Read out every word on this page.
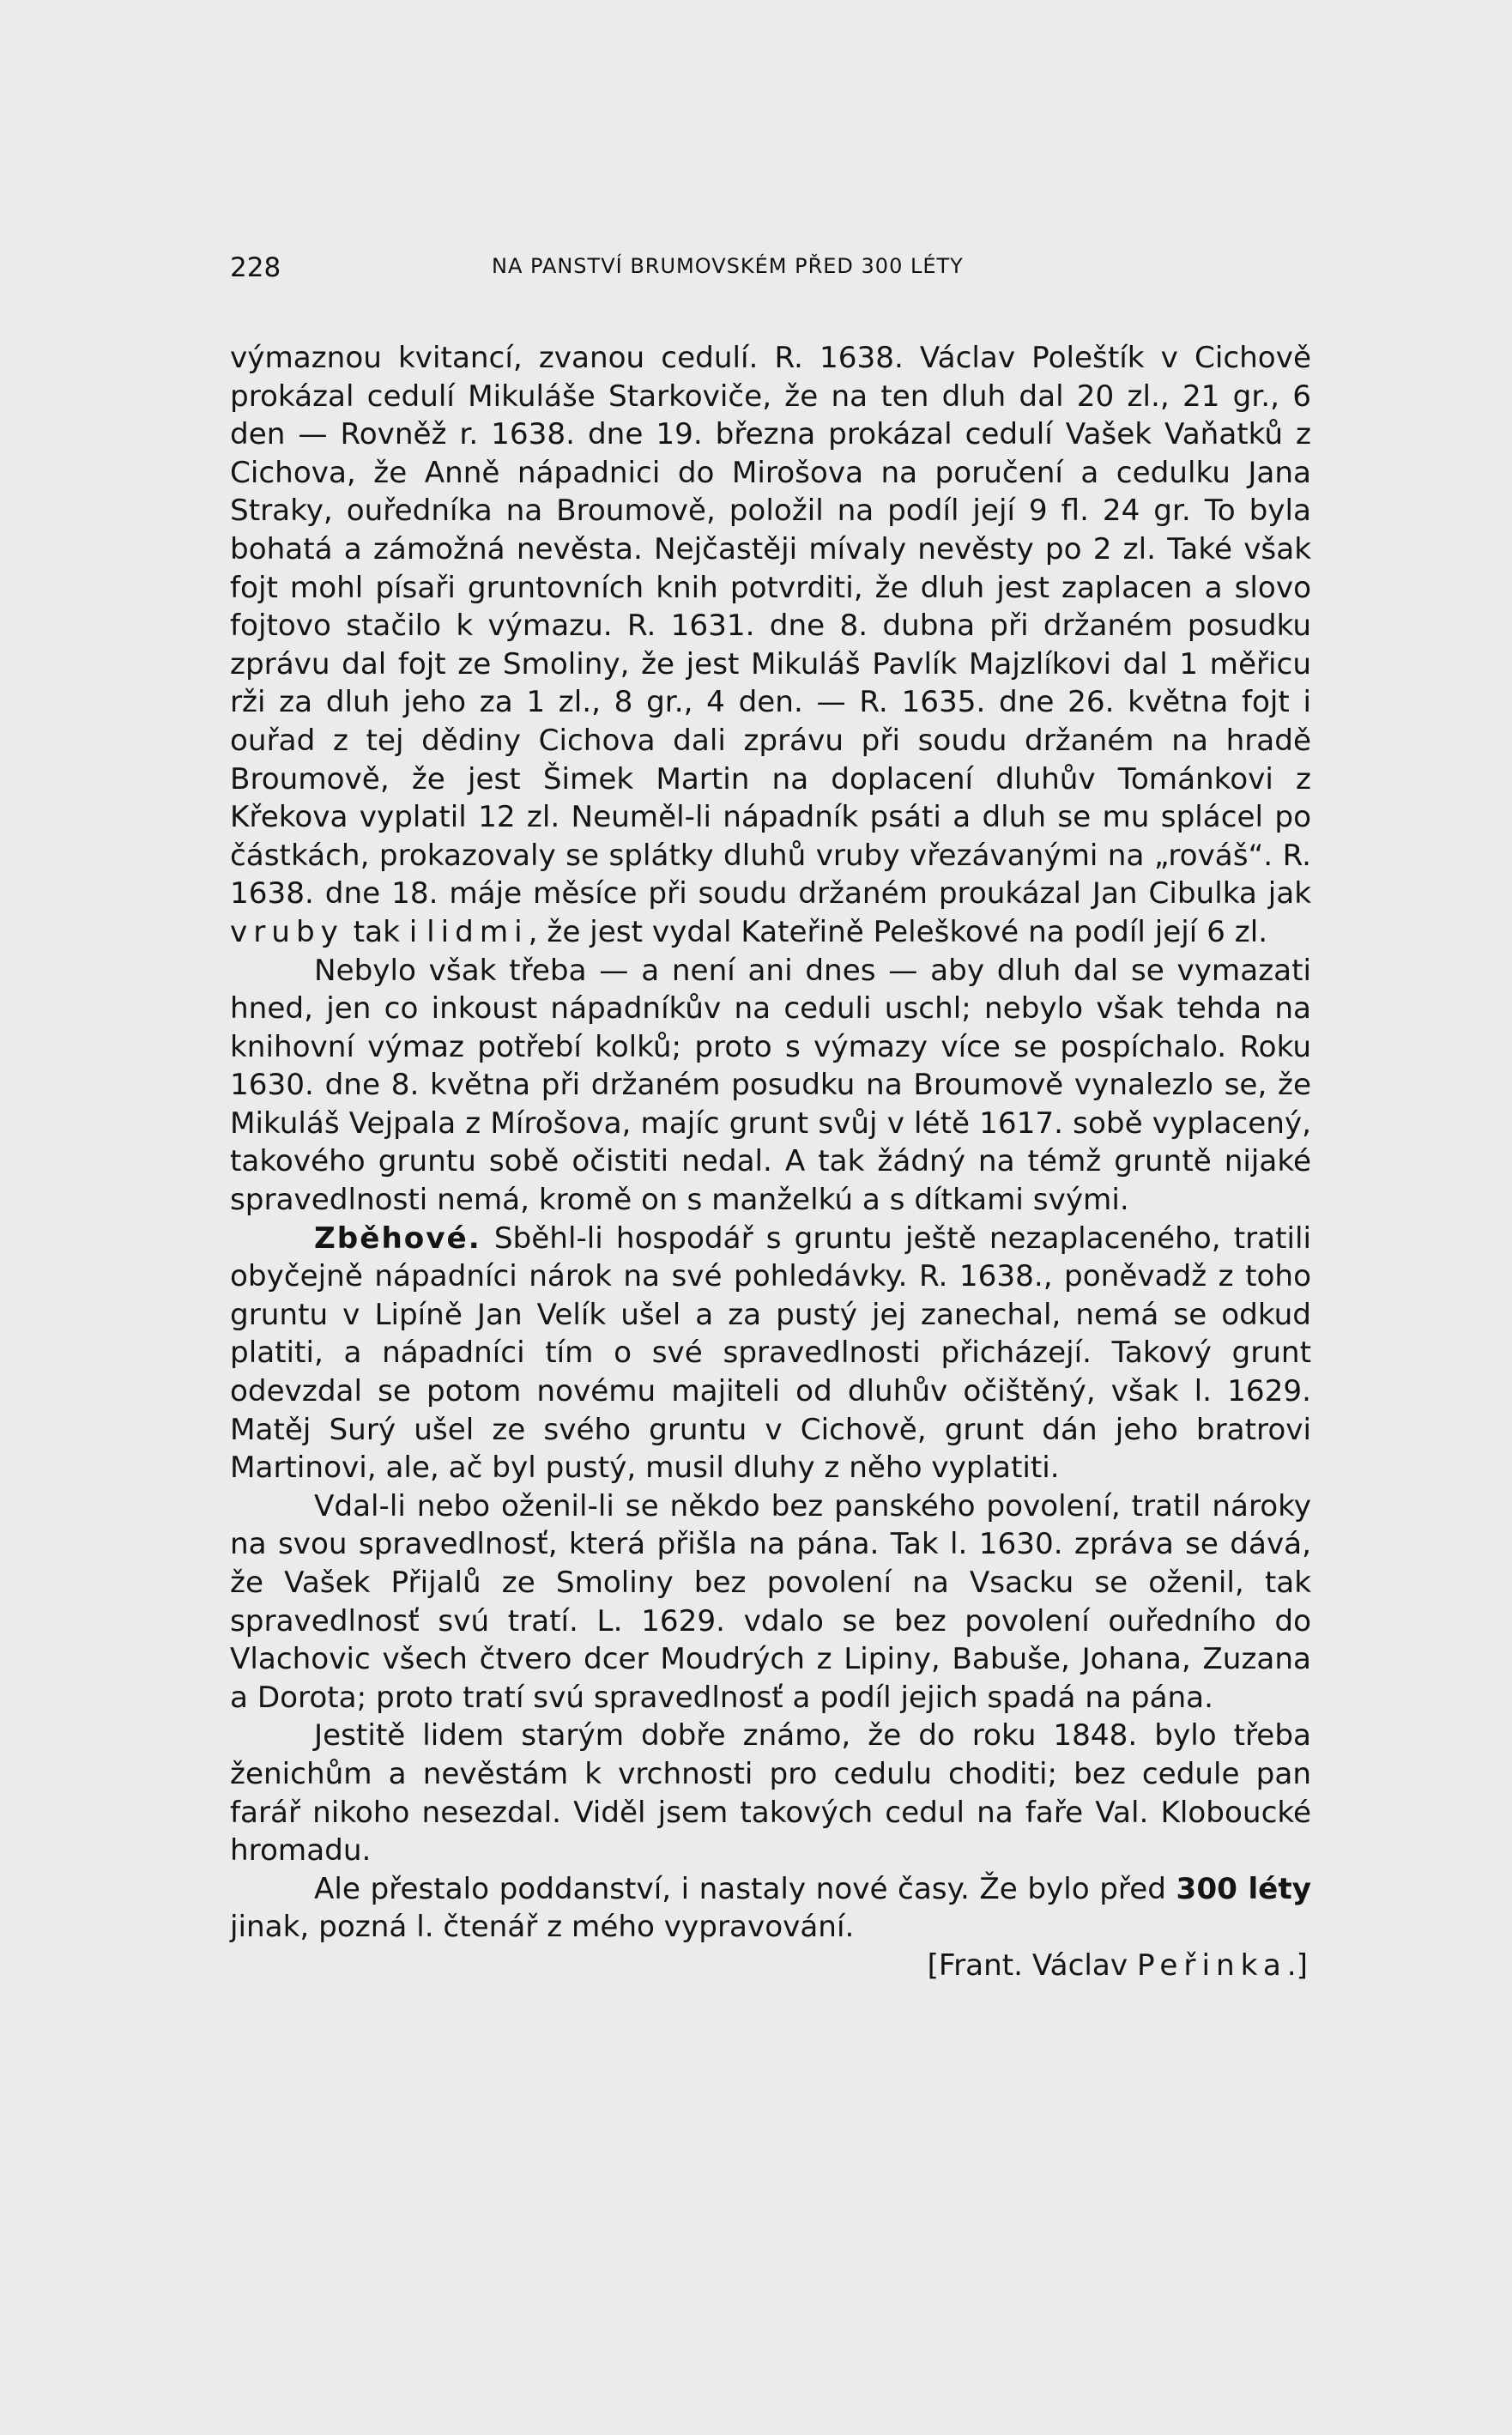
228	NA PANSTVÍ BRUMOVSKÉM PŘED 300 LÉTY

výmaznou kvitancí, zvanou cedulí. R. 1638. Václav Poleštík v Cichově prokázal cedulí Mikuláše Starkoviče, že na ten dluh dal 20 zl., 21 gr., 6 den — Rovněž r. 1638. dne 19. března prokázal cedulí Vašek Vaňatků z Cichova, že Anně nápadnici do Mirošova na poručení a cedulku Jana Straky, ouředníka na Broumově, položil na podíl její 9 fl. 24 gr. To byla bohatá a zámožná nevěsta. Nejčastěji mívaly nevěsty po 2 zl. Také však fojt mohl písaři gruntovních knih potvrditi, že dluh jest zaplacen a slovo fojtovo stačilo k výmazu. R. 1631. dne 8. dubna při držaném posudku zprávu dal fojt ze Smoliny, že jest Mikuláš Pavlík Majzlíkovi dal 1 měřicu rži za dluh jeho za 1 zl., 8 gr., 4 den. — R. 1635. dne 26. května fojt i ouřad z tej dědiny Cichova dali zprávu při soudu držaném na hradě Broumově, že jest Šimek Martin na doplacení dluhův Tománkovi z Křekova vyplatil 12 zl. Neuměl-li nápadník psáti a dluh se mu splácel po částkách, prokazovaly se splátky dluhů vruby vřezávanými na „rováš“. R. 1638. dne 18. máje měsíce při soudu držaném proukázal Jan Cibulka jak vruby tak i lidmi, že jest vydal Kateřině Peleškové na podíl její 6 zl.

Nebylo však třeba — a není ani dnes — aby dluh dal se vymazati hned, jen co inkoust nápadníkův na ceduli uschl; nebylo však tehda na knihovní výmaz potřebí kolků; proto s výmazy více se pospíchalo. Roku 1630. dne 8. května při držaném posudku na Broumově vynalezlo se, že Mikuláš Vejpala z Mírošova, majíc grunt svůj v létě 1617. sobě vyplacený, takového gruntu sobě očistiti nedal. A tak žádný na témž gruntě nijaké spravedlnosti nemá, kromě on s manželkú a s dítkami svými.

Zběhové. Sběhl-li hospodář s gruntu ještě nezaplaceného, tratili obyčejně nápadníci nárok na své pohledávky. R. 1638., poněvadž z toho gruntu v Lipíně Jan Velík ušel a za pustý jej zanechal, nemá se odkud platiti, a nápadníci tím o své spravedlnosti přicházejí. Takový grunt odevzdal se potom novému majiteli od dluhův očištěný, však l. 1629. Matěj Surý ušel ze svého gruntu v Cichově, grunt dán jeho bratrovi Martinovi, ale, ač byl pustý, musil dluhy z něho vyplatiti.

Vdal-li nebo oženil-li se někdo bez panského povolení, tratil nároky na svou spravedlnosť, která přišla na pána. Tak l. 1630. zpráva se dává, že Vašek Přijalů ze Smoliny bez povolení na Vsacku se oženil, tak spravedlnosť svú tratí. L. 1629. vdalo se bez povolení ouředního do Vlachovic všech čtvero dcer Moudrých z Lipiny, Babuše, Johana, Zuzana a Dorota; proto tratí svú spravedlnosť a podíl jejich spadá na pána.

Jestitě lidem starým dobře známo, že do roku 1848. bylo třeba ženichům a nevěstám k vrchnosti pro cedulu choditi; bez cedule pan farář nikoho nesezdal. Viděl jsem takových cedul na faře Val. Kloboucké hromadu.

Ale přestalo poddanství, i nastaly nové časy. Že bylo před 300 léty jinak, pozná l. čtenář z mého vypravování.

[Frant. Václav Peřinka.]
